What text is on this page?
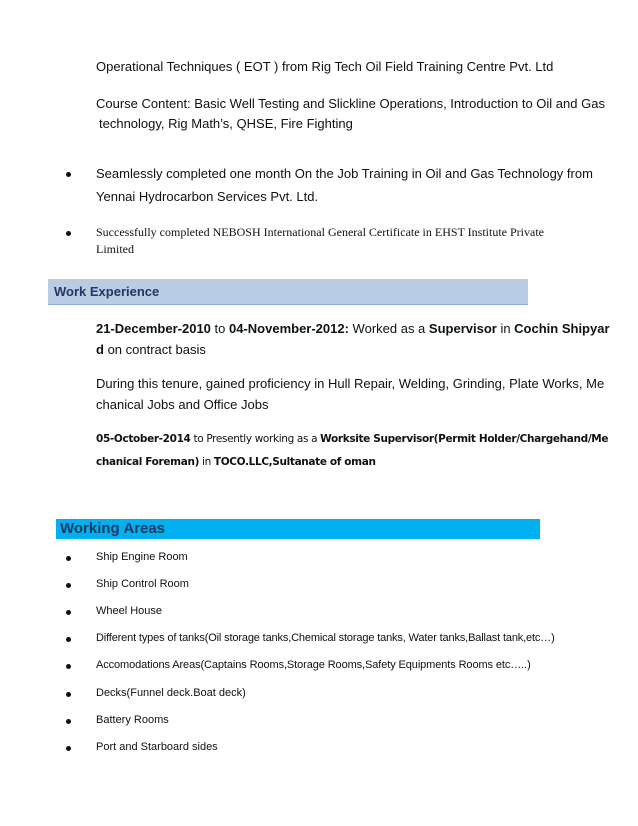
Operational Techniques ( EOT ) from Rig Tech Oil Field Training Centre Pvt. Ltd
Course Content: Basic Well Testing and Slickline Operations, Introduction to Oil and Gas
technology, Rig Math’s, QHSE, Fire Fighting
Seamlessly completed one month On the Job Training in Oil and Gas Technology from
Yennai Hydrocarbon Services Pvt. Ltd.
Successfully completed NEBOSH International General Certificate in EHST Institute Private
Limited
Work Experience
21-December-2010 to 04-November-2012: Worked as a Supervisor in Cochin Shipyar
d on contract basis
During this tenure, gained proficiency in Hull Repair, Welding, Grinding, Plate Works, Me
chanical Jobs and Office Jobs
05-October-2014 to Presently working as a Worksite Supervisor(Permit Holder/Chargehand/Me
chanical Foreman) in TOCO.LLC,Sultanate of oman
Working Areas
Ship Engine Room
Ship Control Room
Wheel House
Different types of tanks(Oil storage tanks,Chemical storage tanks, Water tanks,Ballast tank,etc…)
Accomodations Areas(Captains Rooms,Storage Rooms,Safety Equipments Rooms etc…..)
Decks(Funnel deck.Boat deck)
Battery Rooms
Port and Starboard sides
